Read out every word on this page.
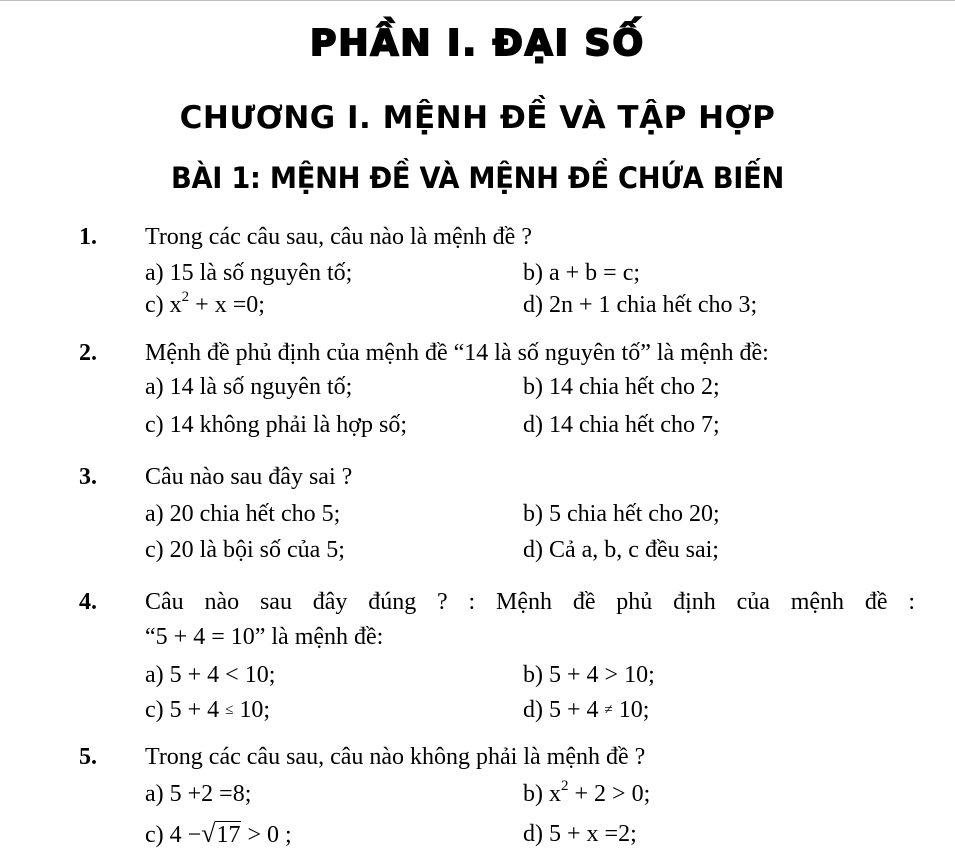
PHẦN I. ĐẠI SỐ
CHƯƠNG I. MỆNH ĐỀ VÀ TẬP HỢP
BÀI 1: MỆNH ĐỀ VÀ MỆNH ĐỀ CHỨA BIẾN
1. Trong các câu sau, câu nào là mệnh đề ?
a) 15 là số nguyên tố;	b) a + b = c;
c) $x^2 + x =0$;	d) 2n + 1 chia hết cho 3;
2. Mệnh đề phủ định của mệnh đề “14 là số nguyên tố” là mệnh đề:
a) 14 là số nguyên tố;	b) 14 chia hết cho 2;
c) 14 không phải là hợp số;	d) 14 chia hết cho 7;
3. Câu nào sau đây sai ?
a) 20 chia hết cho 5;	b) 5 chia hết cho 20;
c) 20 là bội số của 5;	d) Cả a, b, c đều sai;
4. Câu nào sau đây đúng ? : Mệnh đề phủ định của mệnh đề :
“5 + 4 = 10” là mệnh đề:
a) 5 + 4 < 10;	b) 5 + 4 > 10;
c) 5 + 4 ≤ 10;	d) 5 + 4 ≠ 10;
5. Trong các câu sau, câu nào không phải là mệnh đề ?
a) 5 +2 =8;	b) $x^2 + 2 > 0$;
c) 4 −√17 > 0 ;	d) 5 + x =2;
